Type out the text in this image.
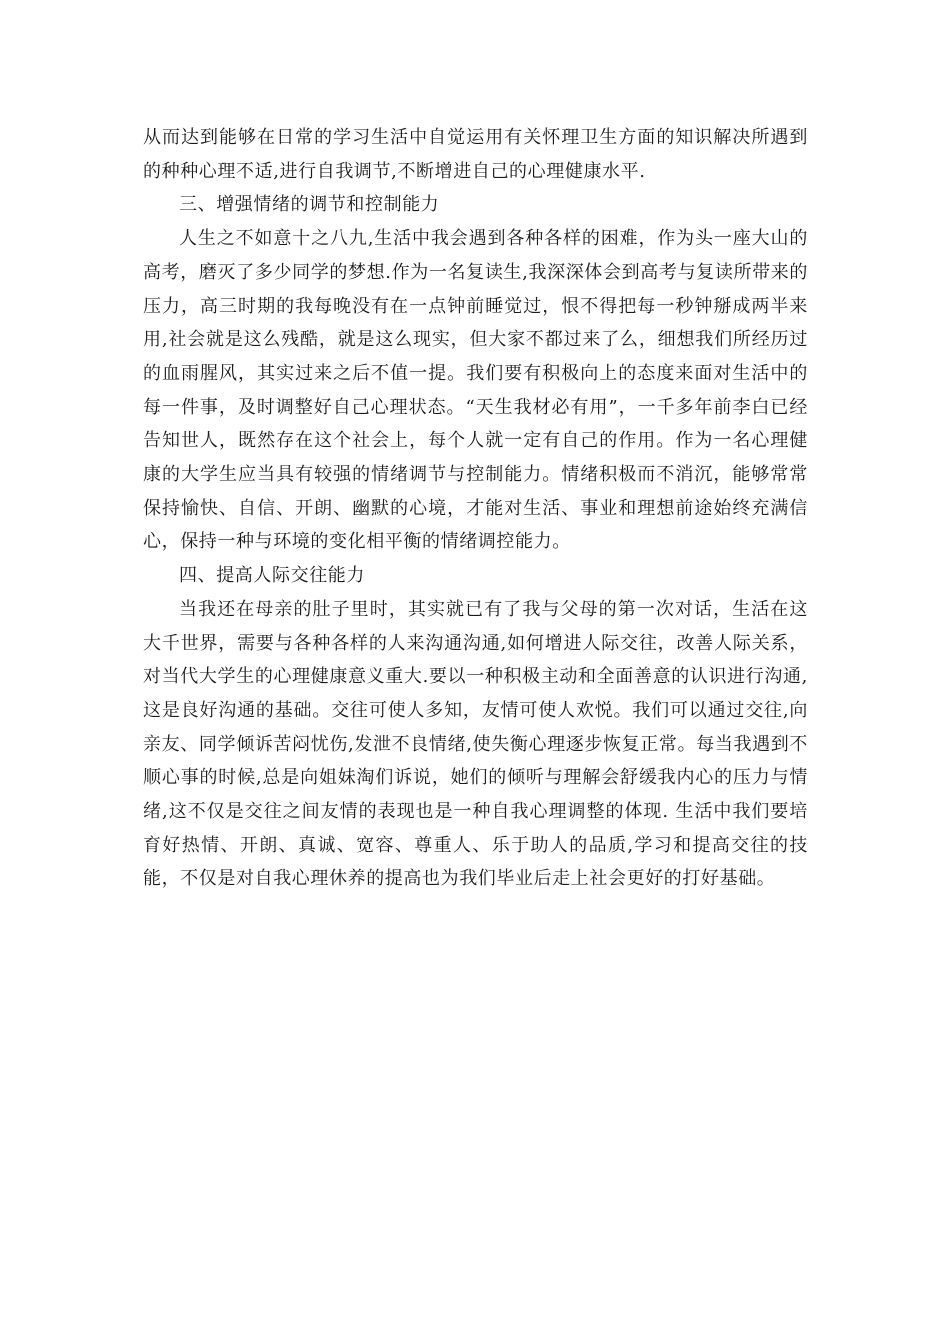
从而达到能够在日常的学习生活中自觉运用有关怀理卫生方面的知识解决所遇到的种种心理不适,进行自我调节,不断增进自己的心理健康水平.

三、增强情绪的调节和控制能力

人生之不如意十之八九,生活中我会遇到各种各样的困难，作为头一座大山的高考，磨灭了多少同学的梦想.作为一名复读生,我深深体会到高考与复读所带来的压力，高三时期的我每晚没有在一点钟前睡觉过，恨不得把每一秒钟掰成两半来用,社会就是这么残酷，就是这么现实，但大家不都过来了么，细想我们所经历过的血雨腥风，其实过来之后不值一提。我们要有积极向上的态度来面对生活中的每一件事，及时调整好自己心理状态。“天生我材必有用”，一千多年前李白已经告知世人，既然存在这个社会上，每个人就一定有自己的作用。作为一名心理健康的大学生应当具有较强的情绪调节与控制能力。情绪积极而不消沉，能够常常保持愉快、自信、开朗、幽默的心境，才能对生活、事业和理想前途始终充满信心，保持一种与环境的变化相平衡的情绪调控能力。

四、提高人际交往能力

当我还在母亲的肚子里时，其实就已有了我与父母的第一次对话，生活在这大千世界，需要与各种各样的人来沟通沟通,如何增进人际交往，改善人际关系，对当代大学生的心理健康意义重大.要以一种积极主动和全面善意的认识进行沟通,这是良好沟通的基础。交往可使人多知，友情可使人欢悦。我们可以通过交往,向亲友、同学倾诉苦闷忧伤,发泄不良情绪,使失衡心理逐步恢复正常。每当我遇到不顺心事的时候,总是向姐妹淘们诉说，她们的倾听与理解会舒缓我内心的压力与情绪,这不仅是交往之间友情的表现也是一种自我心理调整的体现. 生活中我们要培育好热情、开朗、真诚、宽容、尊重人、乐于助人的品质,学习和提高交往的技能，不仅是对自我心理休养的提高也为我们毕业后走上社会更好的打好基础。
